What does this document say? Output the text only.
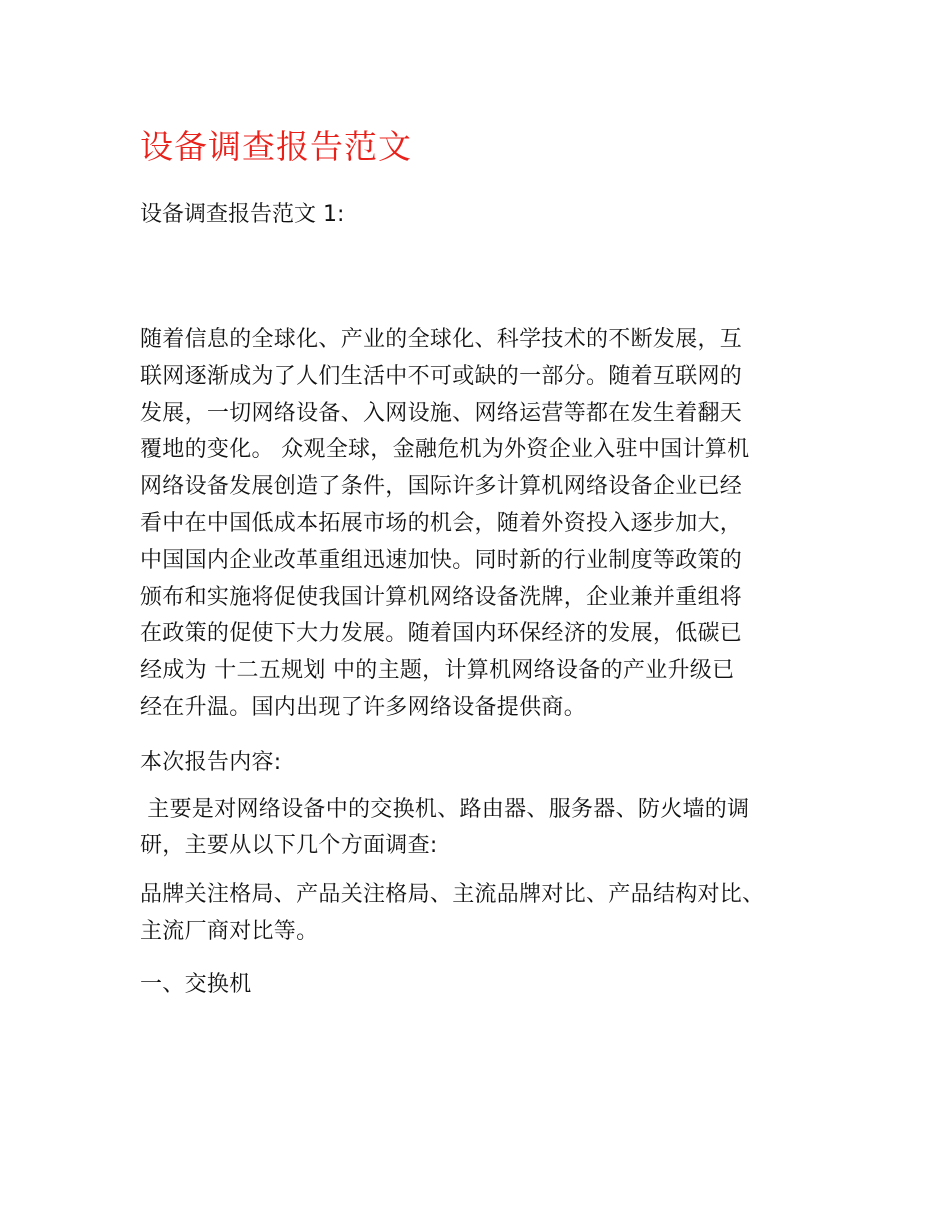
设备调查报告范文

设备调查报告范文 1:

随着信息的全球化、产业的全球化、科学技术的不断发展，互
联网逐渐成为了人们生活中不可或缺的一部分。随着互联网的
发展，一切网络设备、入网设施、网络运营等都在发生着翻天
覆地的变化。 众观全球，金融危机为外资企业入驻中国计算机
网络设备发展创造了条件，国际许多计算机网络设备企业已经
看中在中国低成本拓展市场的机会，随着外资投入逐步加大，
中国国内企业改革重组迅速加快。同时新的行业制度等政策的
颁布和实施将促使我国计算机网络设备洗牌，企业兼并重组将
在政策的促使下大力发展。随着国内环保经济的发展，低碳已
经成为 十二五规划 中的主题，计算机网络设备的产业升级已
经在升温。国内出现了许多网络设备提供商。
本次报告内容:
主要是对网络设备中的交换机、路由器、服务器、防火墙的调
研，主要从以下几个方面调查:
品牌关注格局、产品关注格局、主流品牌对比、产品结构对比、
主流厂商对比等。
一、交换机
